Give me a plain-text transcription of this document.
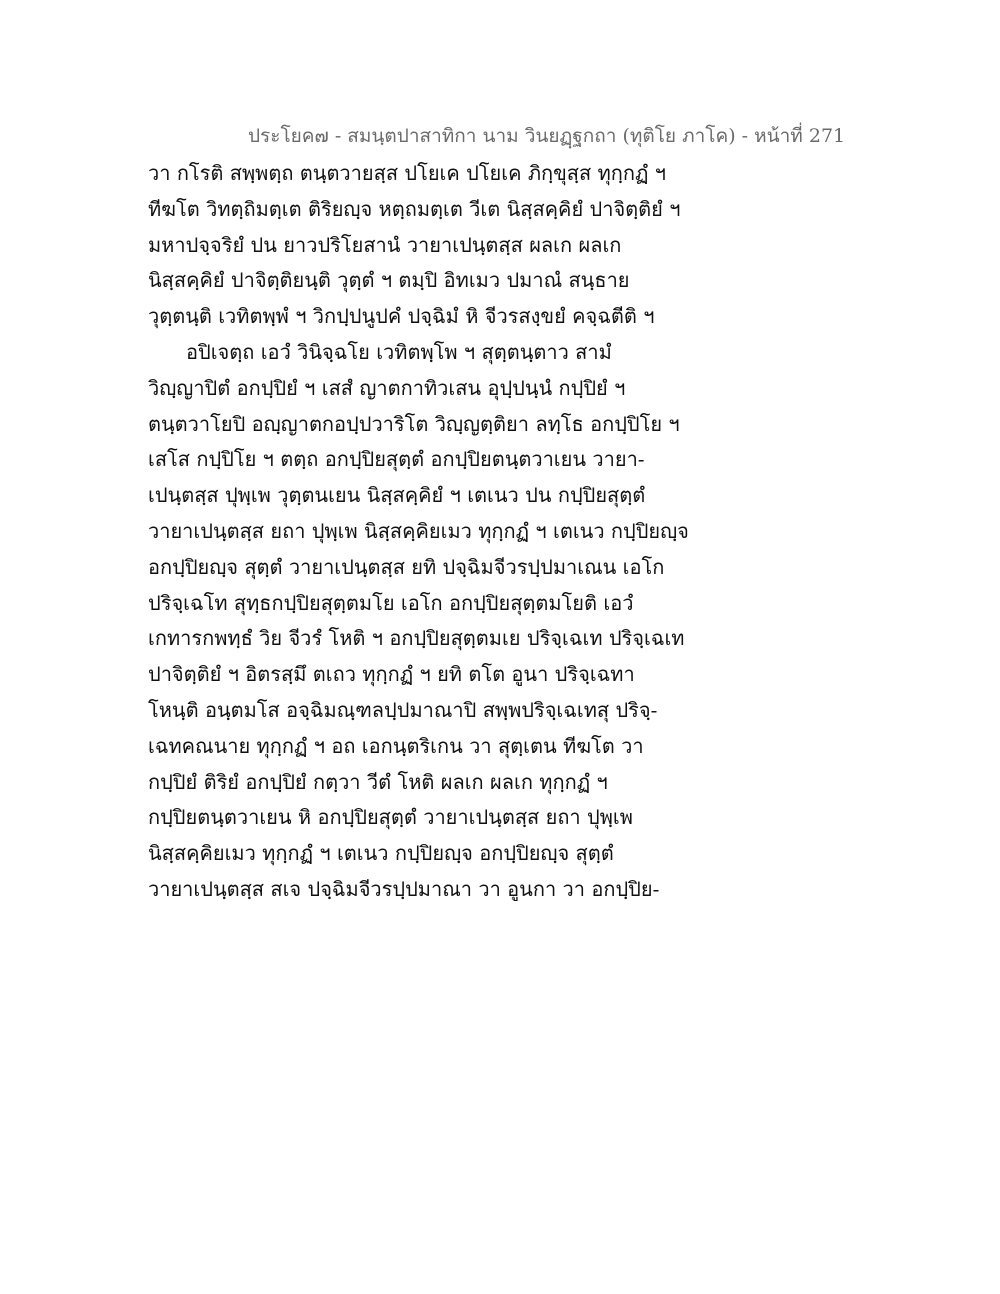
ประโยค๗ - สมนฺตปาสาทิกา นาม วินยฏฺฐกถา (ทุติโย ภาโค) - หน้าที่ 271
วา กโรติ สพฺพตฺถ ตนฺตวายสฺส ปโยเค ปโยเค ภิกฺขุสฺส ทุกฺกฏํ ฯ
ทีฆโต วิทตฺถิมตฺเต ติริยญฺจ หตฺถมตฺเต วีเต นิสฺสคฺคิยํ ปาจิตฺติยํ ฯ
มหาปจฺจริยํ ปน ยาวปริโยสานํ วายาเปนฺตสฺส ผลเก ผลเก
นิสฺสคฺคิยํ ปาจิตฺติยนฺติ วุตฺตํ ฯ ตมฺปิ อิทเมว ปมาณํ สนฺธาย
วุตฺตนฺติ เวทิตพฺพํ ฯ วิกปฺปนูปคํ ปจฺฉิมํ หิ จีวรสงฺขยํ คจฺฉตีติ ฯ
อปิเจตฺถ เอวํ วินิจฺฉโย เวทิตพฺโพ ฯ สุตฺตนฺตาว สามํ
วิญฺญาปิตํ อกปฺปิยํ ฯ เสสํ ญาตกาทิวเสน อุปฺปนฺนํ กปฺปิยํ ฯ
ตนฺตวาโยปิ อญฺญาตกอปฺปวาริโต วิญฺญตฺติยา ลทฺโธ อกปฺปิโย ฯ
เสโส กปฺปิโย ฯ ตตฺถ อกปฺปิยสุตฺตํ อกปฺปิยตนฺตวาเยน วายา-
เปนฺตสฺส ปุพฺเพ วุตฺตนเยน นิสฺสคฺคิยํ ฯ เตเนว ปน กปฺปิยสุตฺตํ
วายาเปนฺตสฺส ยถา ปุพฺเพ นิสฺสคฺคิยเมว ทุกฺกฏํ ฯ เตเนว กปฺปิยญฺจ
อกปฺปิยญฺจ สุตฺตํ วายาเปนฺตสฺส ยทิ ปจฺฉิมจีวรปฺปมาเณน เอโก
ปริจฺเฉโท สุทฺธกปฺปิยสุตฺตมโย เอโก อกปฺปิยสุตฺตมโยติ เอวํ
เกทารกพทฺธํ วิย จีวรํ โหติ ฯ อกปฺปิยสุตฺตมเย ปริจฺเฉเท ปริจฺเฉเท
ปาจิตฺติยํ ฯ อิตรสฺมึ ตเถว ทุกฺกฏํ ฯ ยทิ ตโต อูนา ปริจฺเฉทา
โหนฺติ อนฺตมโส อจฺฉิมณฺฑลปฺปมาณาปิ สพฺพปริจฺเฉเทสุ ปริจฺ-
เฉทคณนาย ทุกฺกฏํ ฯ อถ เอกนฺตริเกน วา สุตฺเตน ทีฆโต วา
กปฺปิยํ ติริยํ อกปฺปิยํ กตฺวา วีตํ โหติ ผลเก ผลเก ทุกฺกฏํ ฯ
กปฺปิยตนฺตวาเยน หิ อกปฺปิยสุตฺตํ วายาเปนฺตสฺส ยถา ปุพฺเพ
นิสฺสคฺคิยเมว ทุกฺกฏํ ฯ เตเนว กปฺปิยญฺจ อกปฺปิยญฺจ สุตฺตํ
วายาเปนฺตสฺส สเจ ปจฺฉิมจีวรปฺปมาณา วา อูนกา วา อกปฺปิย-
